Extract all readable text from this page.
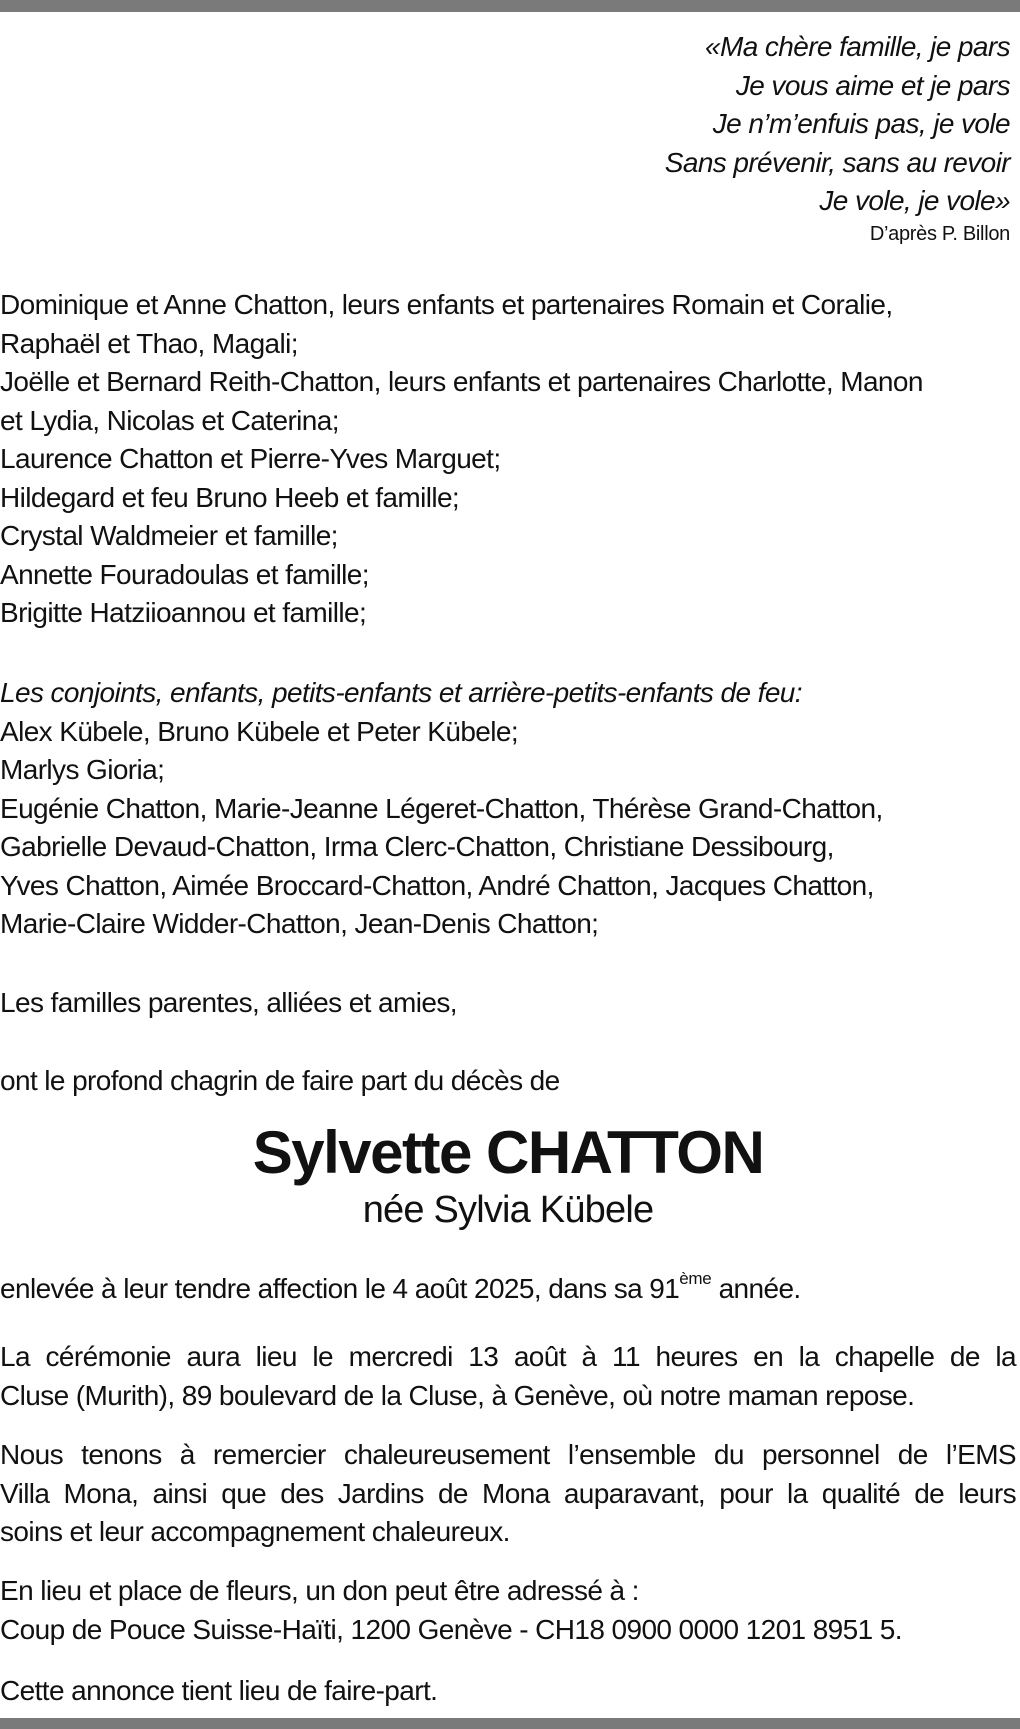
«Ma chère famille, je pars
Je vous aime et je pars
Je n’m’enfuis pas, je vole
Sans prévenir, sans au revoir
Je vole, je vole»
D’après P. Billon
Dominique et Anne Chatton, leurs enfants et partenaires Romain et Coralie,
Raphaël et Thao, Magali;
Joëlle et Bernard Reith-Chatton, leurs enfants et partenaires Charlotte, Manon
et Lydia, Nicolas et Caterina;
Laurence Chatton et Pierre-Yves Marguet;
Hildegard et feu Bruno Heeb et famille;
Crystal Waldmeier et famille;
Annette Fouradoulas et famille;
Brigitte Hatziioannou et famille;
Les conjoints, enfants, petits-enfants et arrière-petits-enfants de feu:
Alex Kübele, Bruno Kübele et Peter Kübele;
Marlys Gioria;
Eugénie Chatton, Marie-Jeanne Légeret-Chatton, Thérèse Grand-Chatton,
Gabrielle Devaud-Chatton, Irma Clerc-Chatton, Christiane Dessibourg,
Yves Chatton, Aimée Broccard-Chatton, André Chatton, Jacques Chatton,
Marie-Claire Widder-Chatton, Jean-Denis Chatton;
Les familles parentes, alliées et amies,
ont le profond chagrin de faire part du décès de
Sylvette CHATTON
née Sylvia Kübele
enlevée à leur tendre affection le 4 août 2025, dans sa 91ème année.
La cérémonie aura lieu le mercredi 13 août à 11 heures en la chapelle de la
Cluse (Murith), 89 boulevard de la Cluse, à Genève, où notre maman repose.
Nous tenons à remercier chaleureusement l’ensemble du personnel de l’EMS
Villa Mona, ainsi que des Jardins de Mona auparavant, pour la qualité de leurs
soins et leur accompagnement chaleureux.
En lieu et place de fleurs, un don peut être adressé à :
Coup de Pouce Suisse-Haïti, 1200 Genève - CH18 0900 0000 1201 8951 5.
Cette annonce tient lieu de faire-part.
